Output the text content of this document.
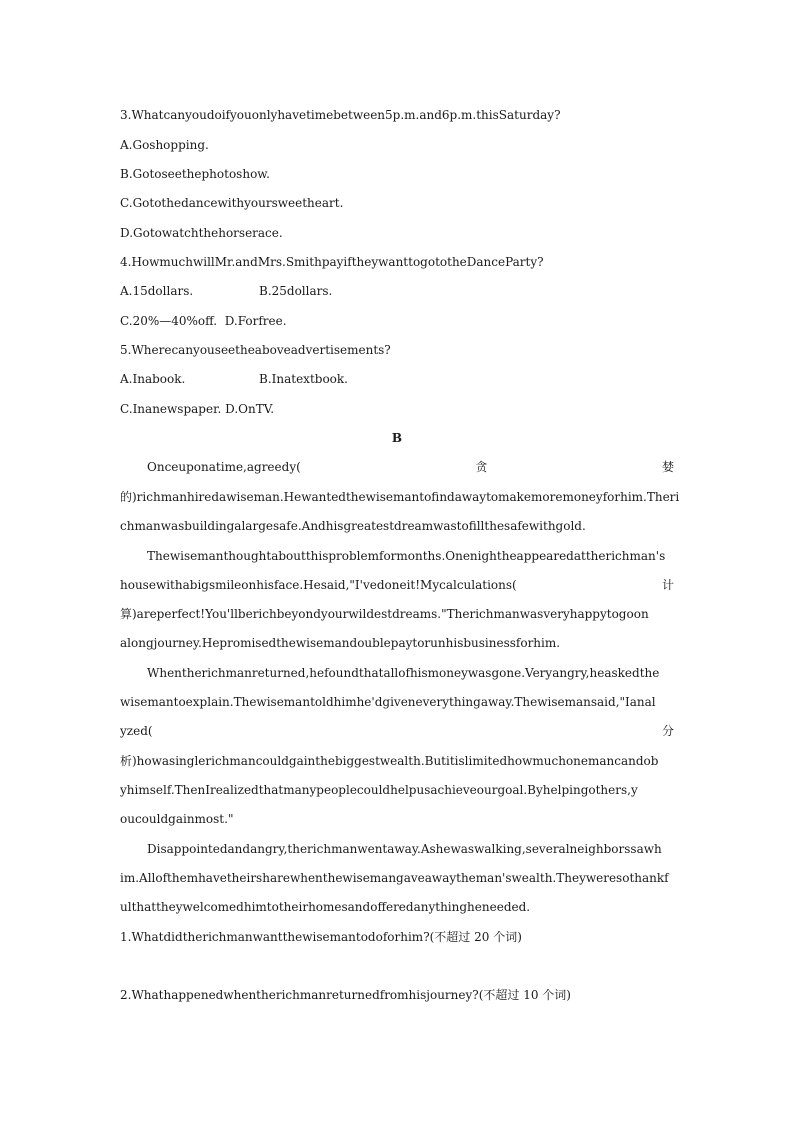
3.Whatcanyoudoifyouonlyhavetimebetween5p.m.and6p.m.thisSaturday?
A.Goshopping.
B.Gotoseethephotoshow.
C.Gotothedancewithyoursweetheart.
D.Gotowatchthehorserace.
4.HowmuchwillMr.andMrs.SmithpayiftheywanttogototheDanceParty?
A.15dollars.	B.25dollars.
C.20%—40%off. D.Forfree.
5.Wherecanyouseetheaboveadvertisements?
A.Inabook.	B.Inatextbook.
C.Inanewspaper. D.OnTV.
B
Onceuponatime,agreedy(	贪	婪
的)richmanhiredawiseman.Hewantedthewisemantofindawaytomakemoremoneyforhim.Theri
chmanwasbuildingalargesafe.Andhisgreatestdreamwastofillthesafewithgold.
Thewisemanthoughtaboutthisproblemformonths.Onenightheappearedattherichman's
housewithabigsmileonhisface.Hesaid,"I'vedoneit!Mycalculations(	计
算)areperfect!You'llberichbeyondyourwildestdreams."Therichmanwasveryhappytogoon
alongjourney.Hepromisedthewisemandoublepaytorunhisbusinessforhim.
Whentherichmanreturned,hefoundthatallofhismoneywasgone.Veryangry,heaskedthe
wisemantoexplain.Thewisemantoldhimhe'dgiveneverythingaway.Thewisemansaid,"Ianal
yzed(	分
析)howasinglerichmancouldgainthebiggestwealth.Butitislimitedhowmuchonemancandob
yhimself.ThenIrealizedthatmanypeoplecouldhelpusachieveourgoal.Byhelpingothers,y
oucouldgainmost."
Disappointedandangry,therichmanwentaway.Ashewaswalking,severalneighborssawh
im.Allofthemhavetheirsharewhenthewisemangaveawaytheman'swealth.Theyweresothankf
ulthattheywelcomedhimtotheirhomesandofferedanythingheneeded.
1.Whatdidtherichmanwantthewisemantodoforhim?(不超过 20 个词)
2.Whathappenedwhentherichmanreturnedfromhisjourney?(不超过 10 个词)
